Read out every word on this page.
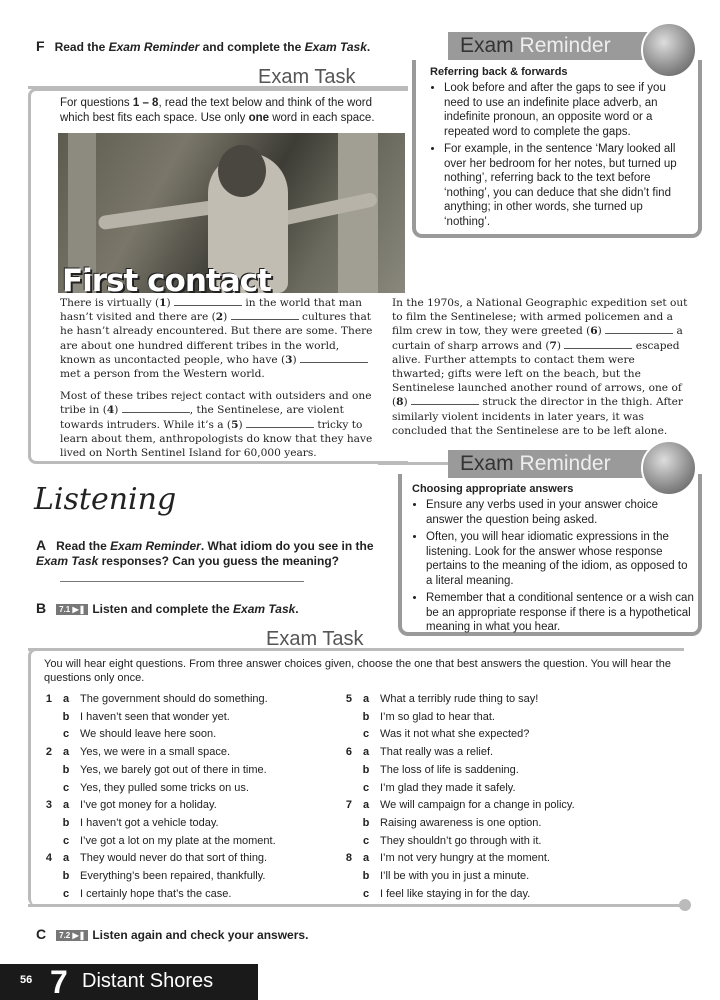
F Read the Exam Reminder and complete the Exam Task.
Exam Task
For questions 1 – 8, read the text below and think of the word which best fits each space. Use only one word in each space.
First contact
Referring back & forwards
• Look before and after the gaps to see if you need to use an indefinite place adverb, an indefinite pronoun, an opposite word or a repeated word to complete the gaps.
• For example, in the sentence ‘Mary looked all over her bedroom for her notes, but turned up nothing’, referring back to the text before ‘nothing’, you can deduce that she didn’t find anything; in other words, she turned up ‘nothing’.
Exam Reminder

There is virtually (1)	in the world that man hasn’t visited and there are (2)	cultures that he hasn’t already encountered. But there are some. There are about one hundred different tribes in the world, known as uncontacted people, who have (3)  met a person from the Western world.

Most of these tribes reject contact with outsiders and one tribe in (4)	, the Sentinelese, are violent towards intruders. While it’s a (5)	tricky to learn about them, anthropologists do know that they have lived on North Sentinel Island for 60,000 years.

In the 1970s, a National Geographic expedition set out to film the Sentinelese; with armed policemen and a film crew in tow, they were greeted (6)	a curtain of sharp arrows and (7)	escaped alive. Further attempts to contact them were thwarted; gifts were left on the beach, but the Sentinelese launched another round of arrows, one of (8)	struck the director in the thigh. After similarly violent incidents in later years, it was concluded that the Sentinelese are to be left alone.

Listening
A Read the Exam Reminder. What idiom do you see in the Exam Task responses? Can you guess the meaning?
B 7.1 ▶❚ Listen and complete the Exam Task.
Choosing appropriate answers
• Ensure any verbs used in your answer choice answer the question being asked.
• Often, you will hear idiomatic expressions in the listening. Look for the answer whose response pertains to the meaning of the idiom, as opposed to a literal meaning.
• Remember that a conditional sentence or a wish can be an appropriate response if there is a hypothetical meaning in what you hear.
Exam Reminder
Exam Task
You will hear eight questions. From three answer choices given, choose the one that best answers the question. You will hear the questions only once.
1 a The government should do something.
b I haven’t seen that wonder yet.
c We should leave here soon.
2 a Yes, we were in a small space.
b Yes, we barely got out of there in time.
c Yes, they pulled some tricks on us.
3 a I’ve got money for a holiday.
b I haven’t got a vehicle today.
c I’ve got a lot on my plate at the moment.
4 a They would never do that sort of thing.
b Everything’s been repaired, thankfully.
c I certainly hope that’s the case.
5 a What a terribly rude thing to say!
b I’m so glad to hear that.
c Was it not what she expected?
6 a That really was a relief.
b The loss of life is saddening.
c I’m glad they made it safely.
7 a We will campaign for a change in policy.
b Raising awareness is one option.
c They shouldn’t go through with it.
8 a I’m not very hungry at the moment.
b I’ll be with you in just a minute.
c I feel like staying in for the day.
C 7.2 ▶❚ Listen again and check your answers.
56 7 Distant Shores
